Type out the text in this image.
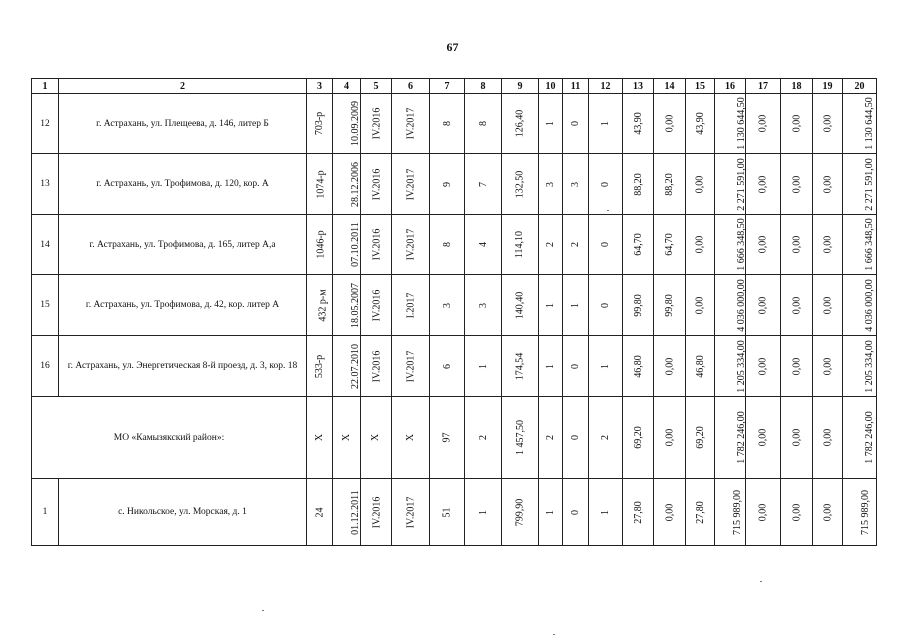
67
1	2	3	4	5	6	7	8	9	10	11	12	13	14	15	16	17	18	19	20
12	г. Астрахань, ул. Плещеева, д. 146, литер Б	703-р	10.09.2009	IV.2016	IV.2017	8	8	126,40	1	0	1	43,90	0,00	43,90	1 130 644,50	0,00	0,00	0,00	1 130 644,50
13	г. Астрахань, ул. Трофимова, д. 120, кор. А	1074-р	28.12.2006	IV.2016	IV.2017	9	7	132,50	3	3	0	88,20	88,20	0,00	2 271 591,00	0,00	0,00	0,00	2 271 591,00
14	г. Астрахань, ул. Трофимова, д. 165, литер А,а	1046-р	07.10.2011	IV.2016	IV.2017	8	4	114,10	2	2	0	64,70	64,70	0,00	1 666 348,50	0,00	0,00	0,00	1 666 348,50
15	г. Астрахань, ул. Трофимова, д. 42, кор. литер А	432 р-м	18.05.2007	IV.2016	I.2017	3	3	140,40	1	1	0	99,80	99,80	0,00	4 036 000,00	0,00	0,00	0,00	4 036 000,00
16	г. Астрахань, ул. Энергетическая 8-й проезд, д. 3, кор. 18	533-р	22.07.2010	IV.2016	IV.2017	6	1	174,54	1	0	1	46,80	0,00	46,80	1 205 334,00	0,00	0,00	0,00	1 205 334,00
МО «Камызякский район»:		X	X	X	X	97	2	1 457,50	2	0	2	69,20	0,00	69,20	1 782 246,00	0,00	0,00	0,00	1 782 246,00
1	с. Никольское, ул. Морская, д. 1	24	01.12.2011	IV.2016	IV.2017	51	1	799,90	1	0	1	27,80	0,00	27,80	715 989,00	0,00	0,00	0,00	715 989,00
